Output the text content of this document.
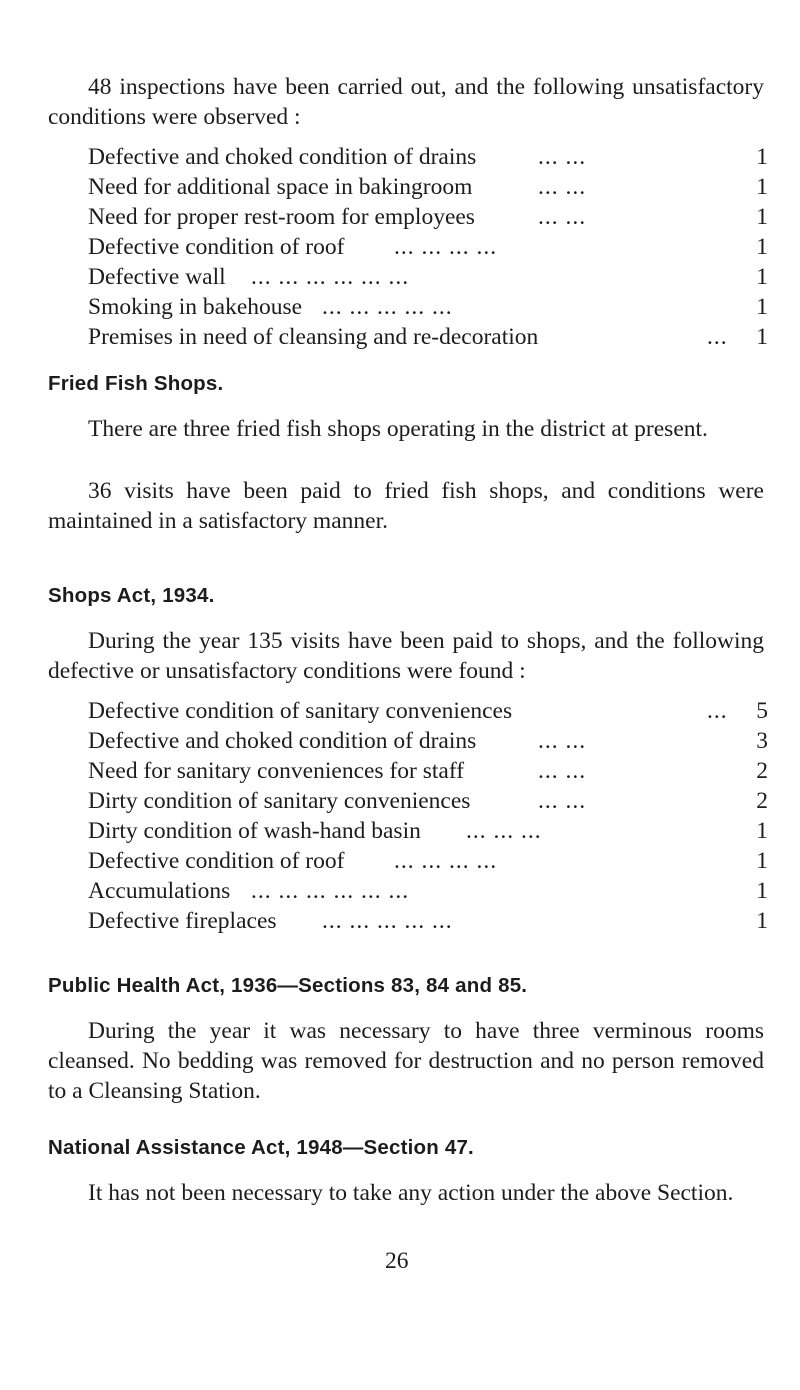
48 inspections have been carried out, and the following unsatisfactory conditions were observed :

Defective and choked condition of drains	... ...	1
Need for additional space in bakingroom	... ...	1
Need for proper rest-room for employees	... ...	1
Defective condition of roof ... ... ... ...	1
Defective wall ... ... ... ... ... ...	1
Smoking in bakehouse ... ... ... ... ...	1
Premises in need of cleansing and re-decoration	... 1
Fried Fish Shops.

There are three fried fish shops operating in the district at present.

36 visits have been paid to fried fish shops, and conditions were maintained in a satisfactory manner.

Shops Act, 1934.

During the year 135 visits have been paid to shops, and the following defective or unsatisfactory conditions were found :

Defective condition of sanitary conveniences	... 5
Defective and choked condition of drains	... ...	3
Need for sanitary conveniences for staff	... ...	2
Dirty condition of sanitary conveniences	... ...	2
Dirty condition of wash-hand basin ... ... ...	1
Defective condition of roof ... ... ... ...	1
Accumulations ... ... ... ... ... ...	1
Defective fireplaces ... ... ... ... ...	1
Public Health Act, 1936—Sections 83, 84 and 85.

During the year it was necessary to have three verminous rooms cleansed. No bedding was removed for destruction and no person removed to a Cleansing Station.

National Assistance Act, 1948—Section 47.

It has not been necessary to take any action under the above Section.

26
